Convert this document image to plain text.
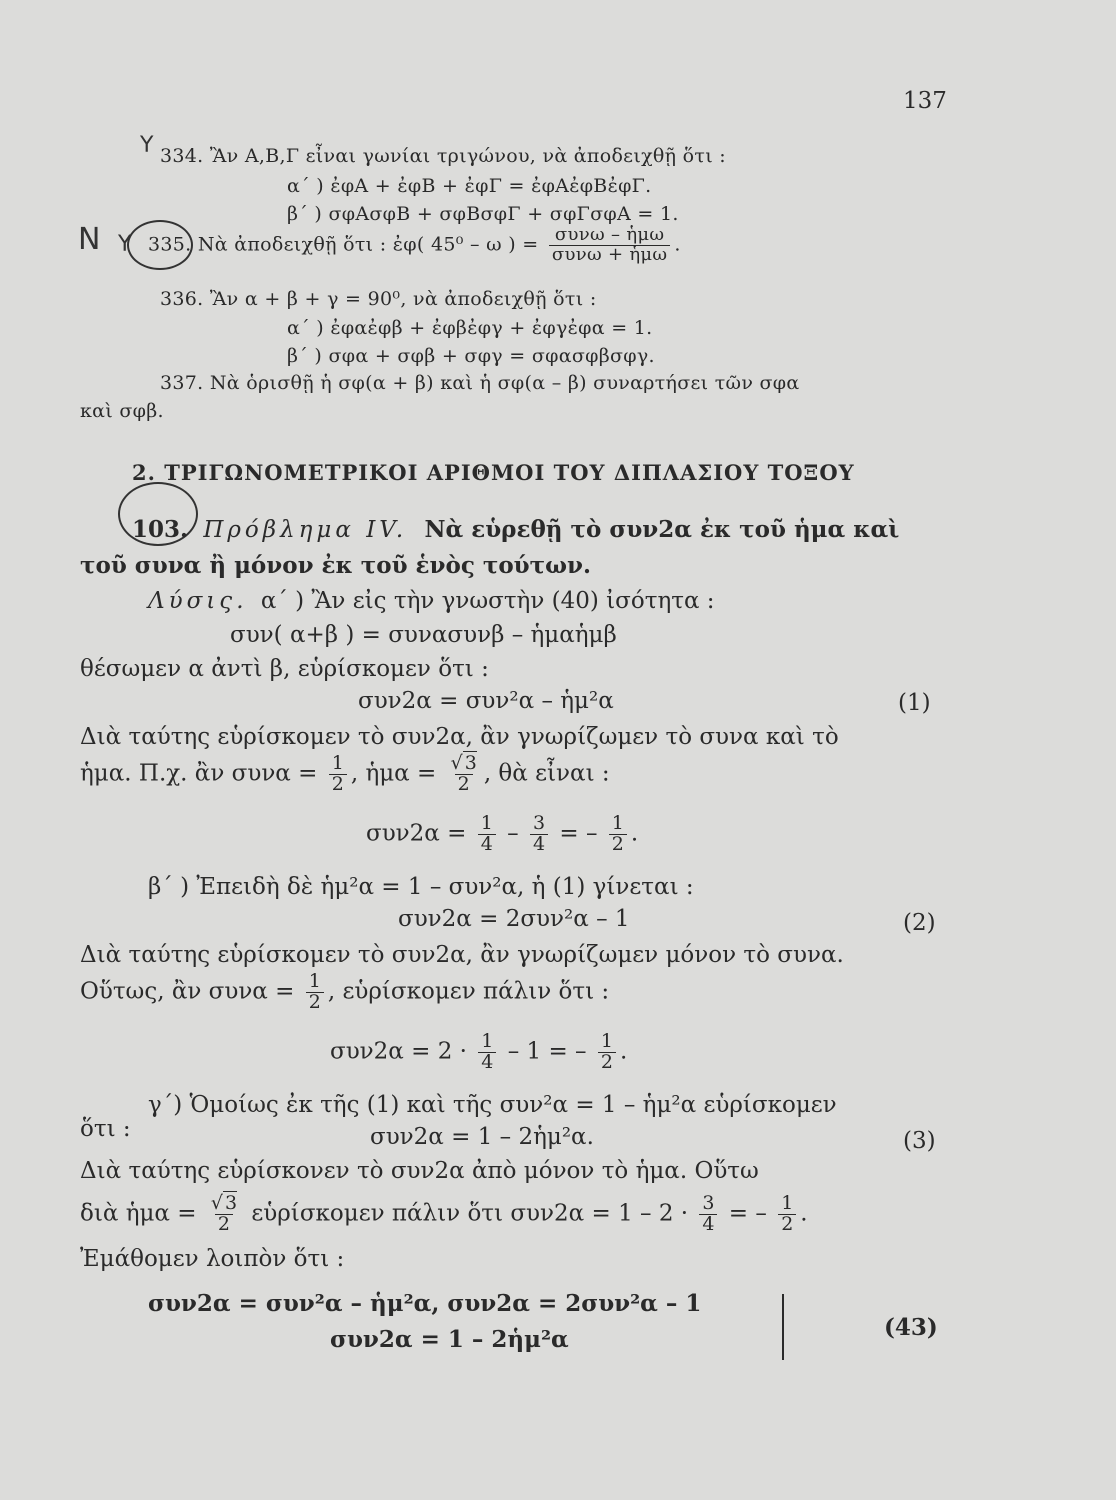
137
Υ 334. Ἂν Α,Β,Γ εἶναι γωνίαι τριγώνου, νὰ ἀποδειχθῇ ὅτι :
α΄ ) ἐφΑ + ἐφΒ + ἐφΓ = ἐφΑἐφΒἐφΓ.
β΄ ) σφΑσφΒ + σφΒσφΓ + σφΓσφΑ = 1.
Ν Υ 335. Νὰ ἀποδειχθῇ ὅτι : ἐφ( 45⁰ – ω ) = $\frac{\text{συνω – ἡμω}}{\text{συνω + ἡμω}}$ .
336. Ἂν α + β + γ = 90⁰, νὰ ἀποδειχθῇ ὅτι :
α΄ ) ἐφαἐφβ + ἐφβἐφγ + ἐφγἐφα = 1.
β΄ ) σφα + σφβ + σφγ = σφασφβσφγ.
337. Νὰ ὁρισθῇ ἡ σφ(α + β) καὶ ἡ σφ(α – β) συναρτήσει τῶν σφα
καὶ σφβ.
2. ΤΡΙΓΩΝΟΜΕΤΡΙΚΟΙ ΑΡΙΘΜΟΙ ΤΟΥ ΔΙΠΛΑΣΙΟΥ ΤΟΞΟΥ
103. Πρόβλημα IV. Νὰ εὑρεθῇ τὸ συν2α ἐκ τοῦ ἡμα καὶ
τοῦ συνα ἢ μόνον ἐκ τοῦ ἑνὸς τούτων.
Λύσις. α΄ ) Ἂν εἰς τὴν γνωστὴν (40) ἰσότητα :
συν( α+β ) = συνασυνβ – ἡμαἡμβ
θέσωμεν α ἀντὶ β, εὑρίσκομεν ὅτι :
συν2α = συν²α – ἡμ²α	(1)
Διὰ ταύτης εὑρίσκομεν τὸ συν2α, ἂν γνωρίζωμεν τὸ συνα καὶ τὸ
ἡμα. Π.χ. ἂν $\sigma\upsilon\nu\alpha = \frac{1}{2}$ , ἡμα = $\frac{√ 3}{2}$ , θὰ εἶναι :
$\sigma\upsilon\nu 2\alpha = \frac{1}{4} - \frac{3}{4}$ = – $\frac{1}{2}$ .
β΄ ) Ἐπειδὴ δὲ ἡμ²α = 1 – συν²α, ἡ (1) γίνεται :
συν2α = 2συν²α – 1	(2)
Διὰ ταύτης εὑρίσκομεν τὸ συν2α, ἂν γνωρίζωμεν μόνον τὸ συνα.
Οὕτως, ἂν $\sigma\upsilon\nu\alpha = \frac{1}{2}$ , εὑρίσκομεν πάλιν ὅτι :
$\sigma\upsilon\nu 2\alpha = 2 \cdot \frac{1}{4} - 1$ = – $\frac{1}{2}$ .
γ΄) Ὁμοίως ἐκ τῆς (1) καὶ τῆς συν²α = 1 – ἡμ²α εὑρίσκομεν
ὅτι :	συν2α = 1 – 2ἡμ²α.	(3)
Διὰ ταύτης εὑρίσκονεν τὸ συν2α ἀπὸ μόνον τὸ ἡμα. Οὕτω
διὰ ἡμα = $\frac{√ 3}{2}$ εὑρίσκομεν πάλιν ὅτι $\sigma\upsilon\nu 2\alpha = 1 - 2 \cdot \frac{3}{4}$ = – $\frac{1}{2}$ .
Ἐμάθομεν λοιπὸν ὅτι :
συν2α = συν²α – ἡμ²α, συν2α = 2συν²α – 1
συν2α = 1 – 2ἡμ²α	(43)
